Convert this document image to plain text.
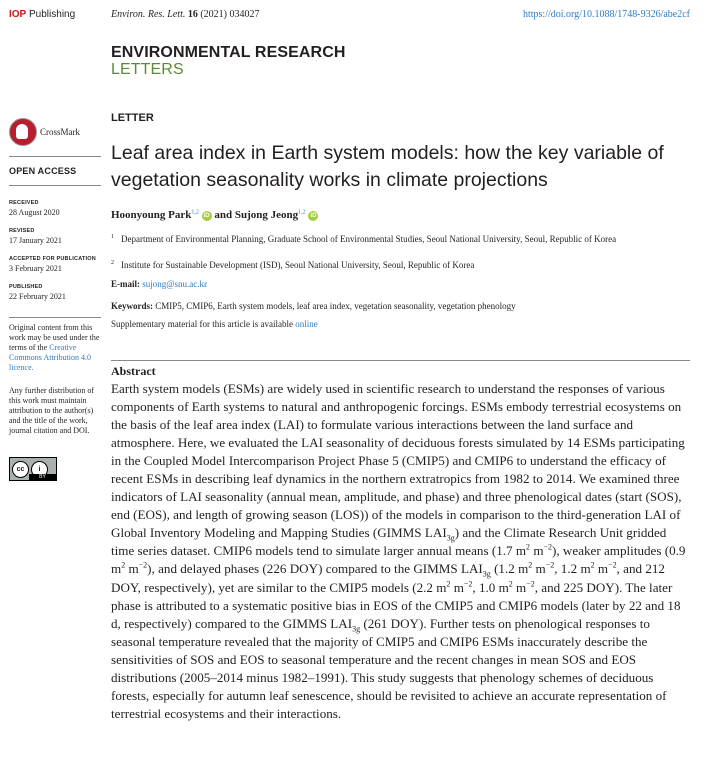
IOP Publishing	Environ. Res. Lett. 16 (2021) 034027	https://doi.org/10.1088/1748-9326/abe2cf
ENVIRONMENTAL RESEARCH
LETTERS
CrossMark
OPEN ACCESS
RECEIVED
28 August 2020
REVISED
17 January 2021
ACCEPTED FOR PUBLICATION
3 February 2021
PUBLISHED
22 February 2021
Original content from this work may be used under the terms of the Creative Commons Attribution 4.0 licence.
Any further distribution of this work must maintain attribution to the author(s) and the title of the work, journal citation and DOI.
cc	i
BY
LETTER
Leaf area index in Earth system models: how the key variable of vegetation seasonality works in climate projections
Hoonyoung Park$^{1,2}$ iD and Sujong Jeong$^{1,2}$ iD
1 Department of Environmental Planning, Graduate School of Environmental Studies, Seoul National University, Seoul, Republic of Korea
2 Institute for Sustainable Development (ISD), Seoul National University, Seoul, Republic of Korea
E-mail: sujong@snu.ac.kr
Keywords: CMIP5, CMIP6, Earth system models, leaf area index, vegetation seasonality, vegetation phenology
Supplementary material for this article is available online
Abstract
Earth system models (ESMs) are widely used in scientific research to understand the responses of various components of Earth systems to natural and anthropogenic forcings. ESMs embody terrestrial ecosystems on the basis of the leaf area index (LAI) to formulate various interactions between the land surface and atmosphere. Here, we evaluated the LAI seasonality of deciduous forests simulated by 14 ESMs participating in the Coupled Model Intercomparison Project Phase 5 (CMIP5) and CMIP6 to understand the efficacy of recent ESMs in describing leaf dynamics in the northern extratropics from 1982 to 2014. We examined three indicators of LAI seasonality (annual mean, amplitude, and phase) and three phenological dates (start (SOS), end (EOS), and length of growing season (LOS)) of the models in comparison to the third-generation LAI of Global Inventory Modeling and Mapping Studies (GIMMS $LAI_{3g}$) and the Climate Research Unit gridded time series dataset. CMIP6 models tend to simulate larger annual means (1.7 $m^2$ $m^{-2}$), weaker amplitudes (0.9 $m^2$ $m^{-2}$), and delayed phases (226 DOY) compared to the GIMMS $LAI_{3g}$ (1.2 $m^2$ $m^{-2}$, 1.2 $m^2$ $m^{-2}$, and 212 DOY, respectively), yet are similar to the CMIP5 models (2.2 $m^2$ $m^{-2}$, 1.0 $m^2$ $m^{-2}$, and 225 DOY). The later phase is attributed to a systematic positive bias in EOS of the CMIP5 and CMIP6 models (later by 22 and 18 d, respectively) compared to the GIMMS $LAI_{3g}$ (261 DOY). Further tests on phenological responses to seasonal temperature revealed that the majority of CMIP5 and CMIP6 ESMs inaccurately describe the sensitivities of SOS and EOS to seasonal temperature and the recent changes in mean SOS and EOS distributions (2005–2014 minus 1982–1991). This study suggests that phenology schemes of deciduous forests, especially for autumn leaf senescence, should be revisited to achieve an accurate representation of terrestrial ecosystems and their interactions.
